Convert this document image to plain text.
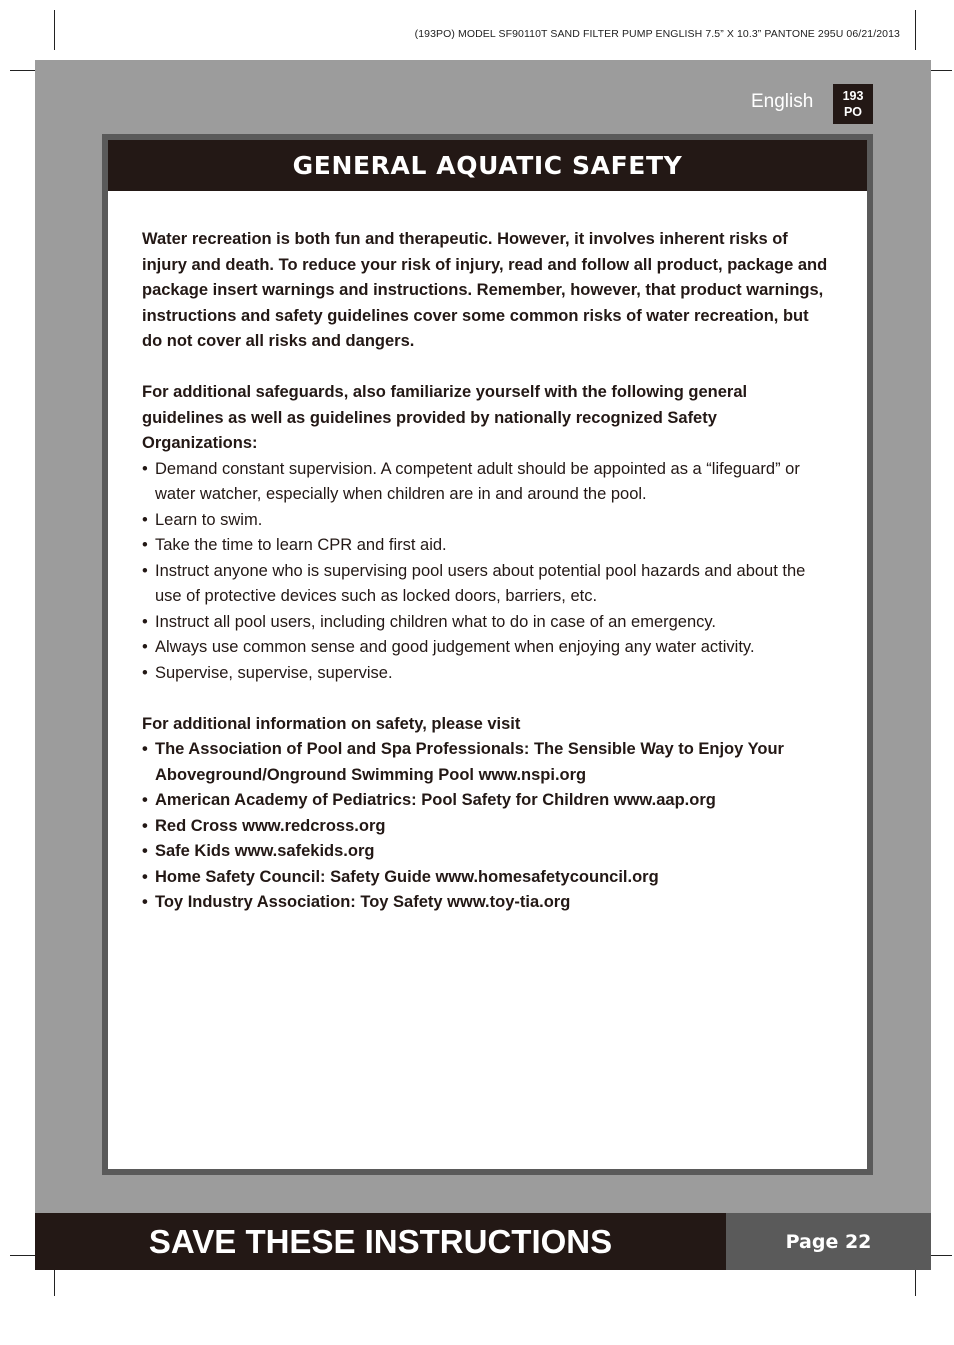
(193PO) MODEL SF90110T SAND FILTER PUMP ENGLISH 7.5” X 10.3” PANTONE 295U 06/21/2013
English 193
PO
GENERAL AQUATIC SAFETY

Water recreation is both fun and therapeutic. However, it involves inherent risks of injury and death. To reduce your risk of injury, read and follow all product, package and package insert warnings and instructions. Remember, however, that product warnings, instructions and safety guidelines cover some common risks of water recreation, but do not cover all risks and dangers.

For additional safeguards, also familiarize yourself with the following general guidelines as well as guidelines provided by nationally recognized Safety Organizations:

• Demand constant supervision. A competent adult should be appointed as a “lifeguard” or water watcher, especially when children are in and around the pool.
• Learn to swim.
• Take the time to learn CPR and first aid.
• Instruct anyone who is supervising pool users about potential pool hazards and about the use of protective devices such as locked doors, barriers, etc.
• Instruct all pool users, including children what to do in case of an emergency.
• Always use common sense and good judgement when enjoying any water activity.
• Supervise, supervise, supervise.

For additional information on safety, please visit

• The Association of Pool and Spa Professionals: The Sensible Way to Enjoy Your Aboveground/Onground Swimming Pool www.nspi.org
• American Academy of Pediatrics: Pool Safety for Children www.aap.org
• Red Cross www.redcross.org
• Safe Kids www.safekids.org
• Home Safety Council: Safety Guide www.homesafetycouncil.org
• Toy Industry Association: Toy Safety www.toy-tia.org
SAVE THESE INSTRUCTIONS	Page 22
